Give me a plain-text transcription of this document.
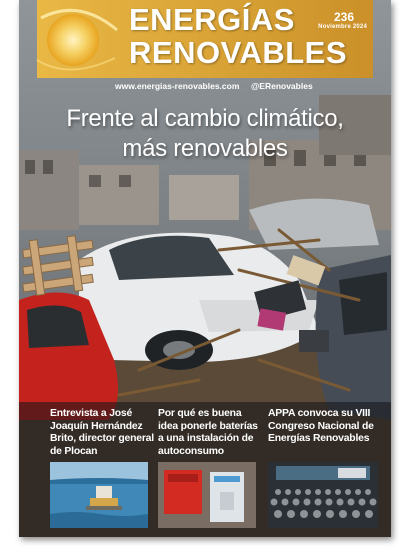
ENERGÍAS
RENOVABLES
236
Noviembre 2024
www.energias-renovables.com @ERenovables
Frente al cambio climático,
más renovables
Entrevista a José Joaquín Hernández Brito, director general de Plocan
Por qué es buena idea ponerle baterías a una instalación de autoconsumo
APPA convoca su VIII Congreso Nacional de Energías Renovables
